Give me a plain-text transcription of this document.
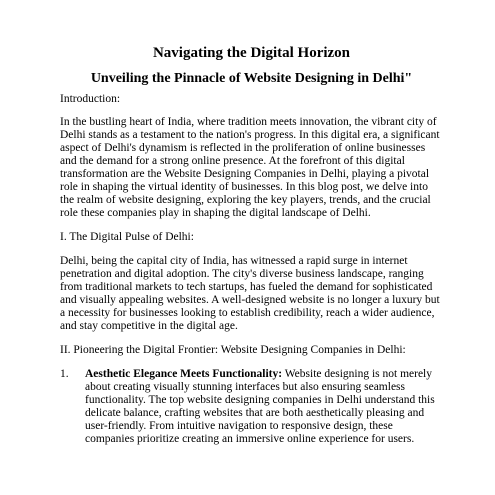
Navigating the Digital Horizon
Unveiling the Pinnacle of Website Designing in Delhi"

Introduction:

In the bustling heart of India, where tradition meets innovation, the vibrant city of Delhi stands as a testament to the nation's progress. In this digital era, a significant aspect of Delhi's dynamism is reflected in the proliferation of online businesses and the demand for a strong online presence. At the forefront of this digital transformation are the Website Designing Companies in Delhi, playing a pivotal role in shaping the virtual identity of businesses. In this blog post, we delve into the realm of website designing, exploring the key players, trends, and the crucial role these companies play in shaping the digital landscape of Delhi.

I. The Digital Pulse of Delhi:

Delhi, being the capital city of India, has witnessed a rapid surge in internet penetration and digital adoption. The city's diverse business landscape, ranging from traditional markets to tech startups, has fueled the demand for sophisticated and visually appealing websites. A well-designed website is no longer a luxury but a necessity for businesses looking to establish credibility, reach a wider audience, and stay competitive in the digital age.

II. Pioneering the Digital Frontier: Website Designing Companies in Delhi:

1. Aesthetic Elegance Meets Functionality: Website designing is not merely about creating visually stunning interfaces but also ensuring seamless functionality. The top website designing companies in Delhi understand this delicate balance, crafting websites that are both aesthetically pleasing and user-friendly. From intuitive navigation to responsive design, these companies prioritize creating an immersive online experience for users.
